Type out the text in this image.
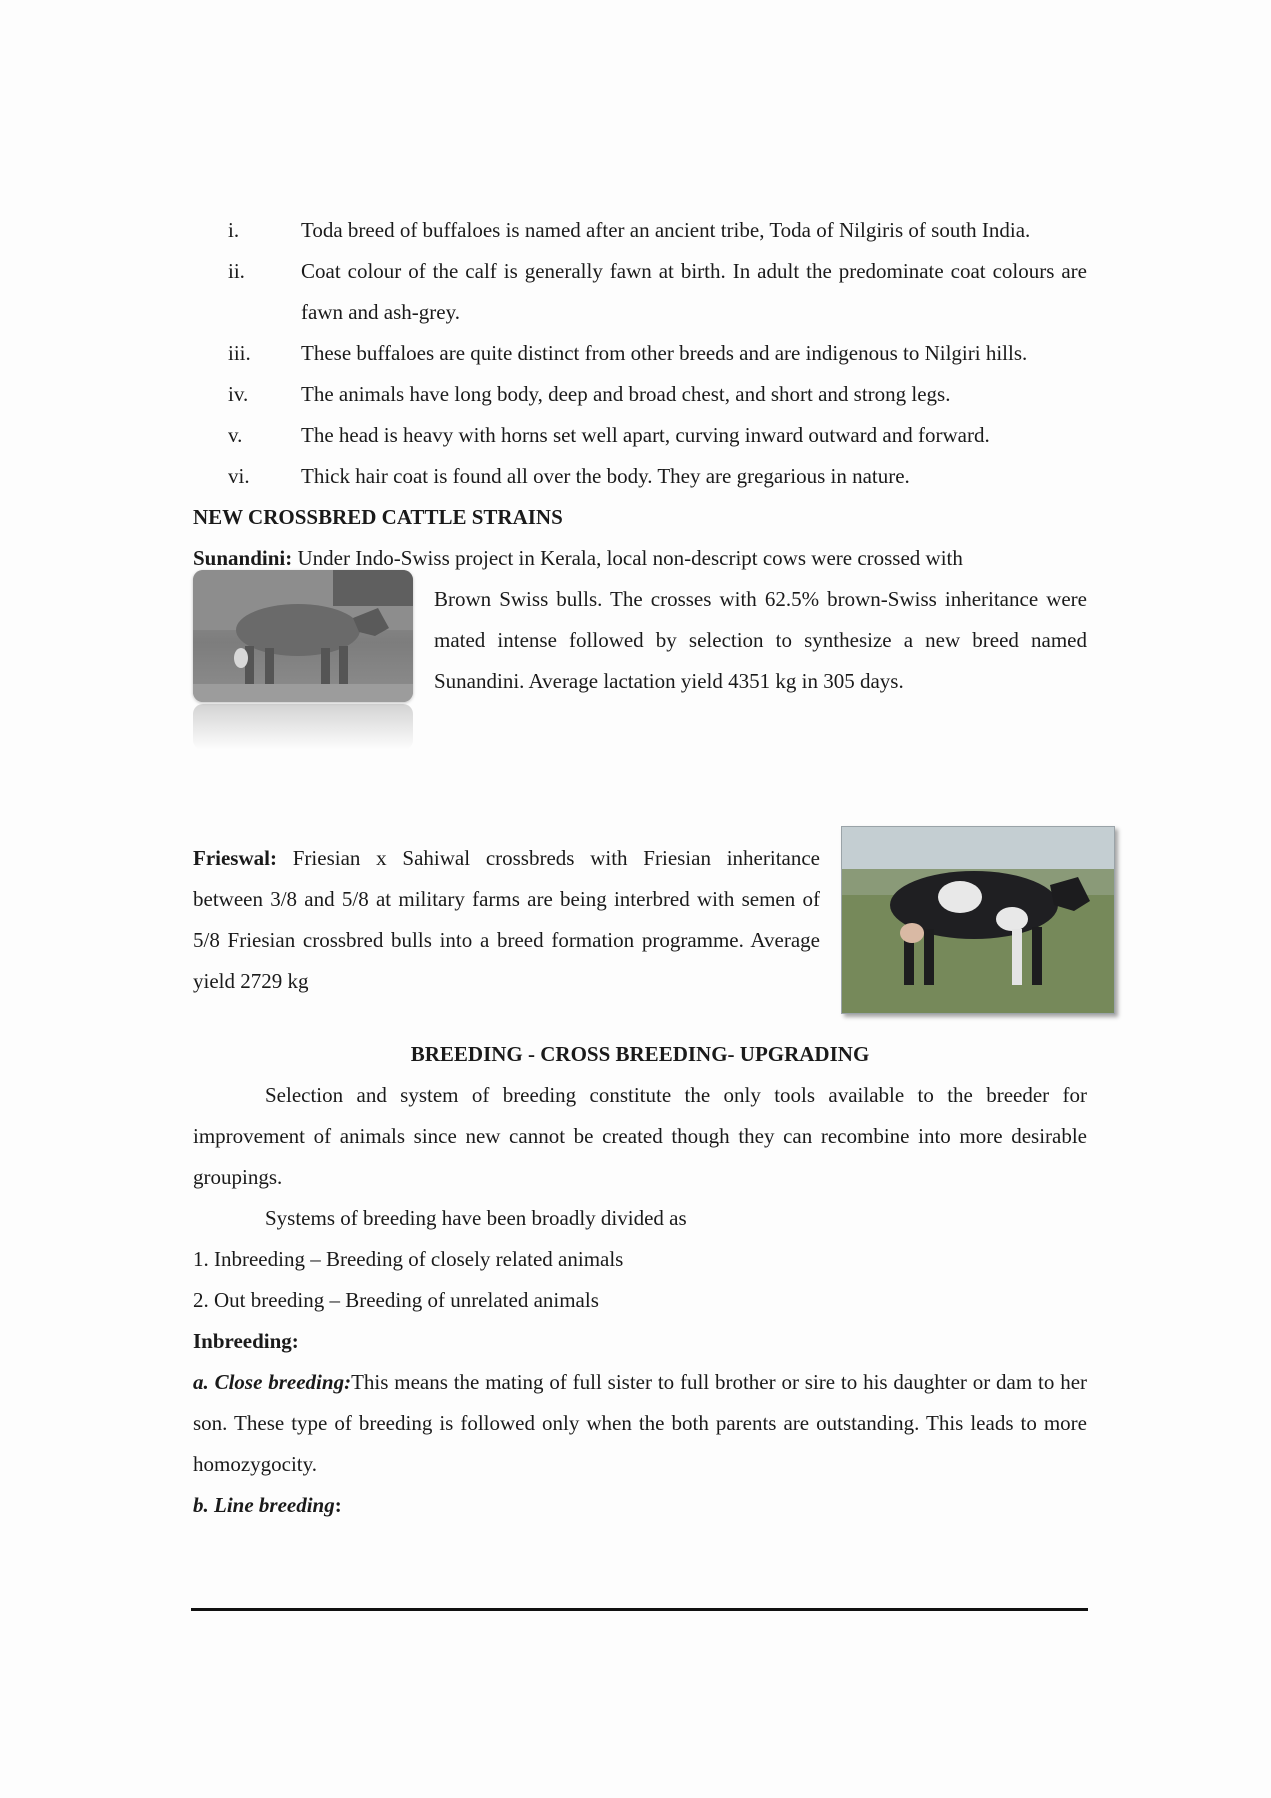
i.	Toda breed of buffaloes is named after an ancient tribe, Toda of Nilgiris of south India.
ii.	Coat colour of the calf is generally fawn at birth. In adult the predominate coat colours are fawn and ash-grey.
iii. These buffaloes are quite distinct from other breeds and are indigenous to Nilgiri hills.
iv.	The animals have long body, deep and broad chest, and short and strong legs.
v.	The head is heavy with horns set well apart, curving inward outward and forward.
vi. Thick hair coat is found all over the body. They are gregarious in nature.
NEW CROSSBRED CATTLE STRAINS
Sunandini: Under Indo-Swiss project in Kerala, local non-descript cows were crossed with
Brown Swiss bulls. The crosses with 62.5% brown-Swiss inheritance were mated intense followed by selection to synthesize a new breed named Sunandini. Average lactation yield 4351 kg in 305 days.
Frieswal: Friesian x Sahiwal crossbreds with Friesian inheritance between 3/8 and 5/8 at military farms are being interbred with semen of 5/8 Friesian crossbred bulls into a breed formation programme. Average yield 2729 kg
BREEDING - CROSS BREEDING- UPGRADING
Selection and system of breeding constitute the only tools available to the breeder for improvement of animals since new cannot be created though they can recombine into more desirable groupings.
Systems of breeding have been broadly divided as
1. Inbreeding – Breeding of closely related animals
2. Out breeding – Breeding of unrelated animals
Inbreeding:
a. Close breeding:This means the mating of full sister to full brother or sire to his daughter or dam to her son. These type of breeding is followed only when the both parents are outstanding. This leads to more homozygocity.
b. Line breeding:
